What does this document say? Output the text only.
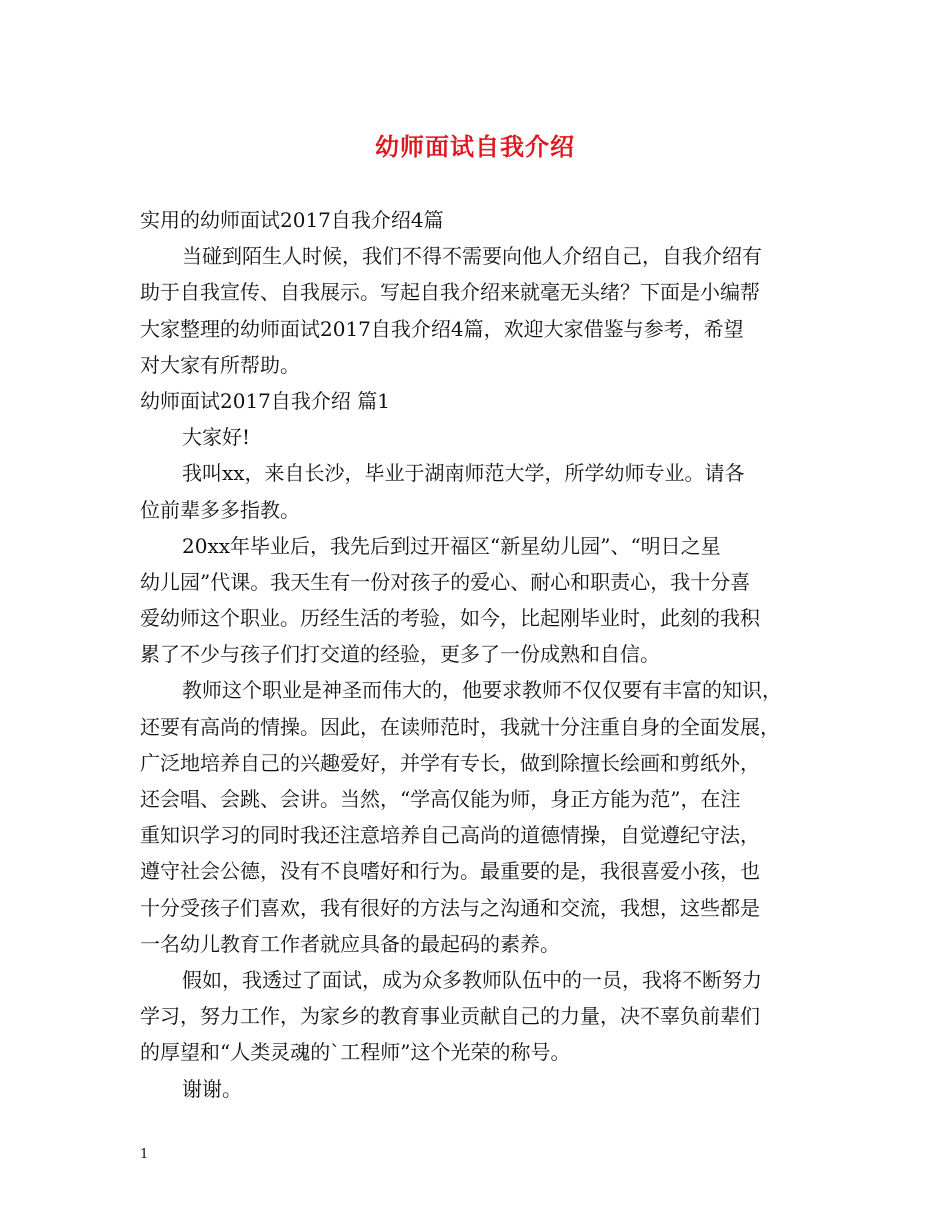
幼师面试自我介绍
实用的幼师面试2017自我介绍4篇
当碰到陌生人时候，我们不得不需要向他人介绍自己，自我介绍有
助于自我宣传、自我展示。写起自我介绍来就毫无头绪？下面是小编帮
大家整理的幼师面试2017自我介绍4篇，欢迎大家借鉴与参考，希望
对大家有所帮助。
幼师面试2017自我介绍 篇1
大家好!
我叫xx，来自长沙，毕业于湖南师范大学，所学幼师专业。请各
位前辈多多指教。
20xx年毕业后，我先后到过开福区“新星幼儿园”、“明日之星
幼儿园”代课。我天生有一份对孩子的爱心、耐心和职责心，我十分喜
爱幼师这个职业。历经生活的考验，如今，比起刚毕业时，此刻的我积
累了不少与孩子们打交道的经验，更多了一份成熟和自信。
教师这个职业是神圣而伟大的，他要求教师不仅仅要有丰富的知识，
还要有高尚的情操。因此，在读师范时，我就十分注重自身的全面发展，
广泛地培养自己的兴趣爱好，并学有专长，做到除擅长绘画和剪纸外，
还会唱、会跳、会讲。当然，“学高仅能为师，身正方能为范”，在注
重知识学习的同时我还注意培养自己高尚的道德情操，自觉遵纪守法，
遵守社会公德，没有不良嗜好和行为。最重要的是，我很喜爱小孩，也
十分受孩子们喜欢，我有很好的方法与之沟通和交流，我想，这些都是
一名幼儿教育工作者就应具备的最起码的素养。
假如，我透过了面试，成为众多教师队伍中的一员，我将不断努力
学习，努力工作，为家乡的教育事业贡献自己的力量，决不辜负前辈们
的厚望和“人类灵魂的`工程师”这个光荣的称号。
谢谢。
1
